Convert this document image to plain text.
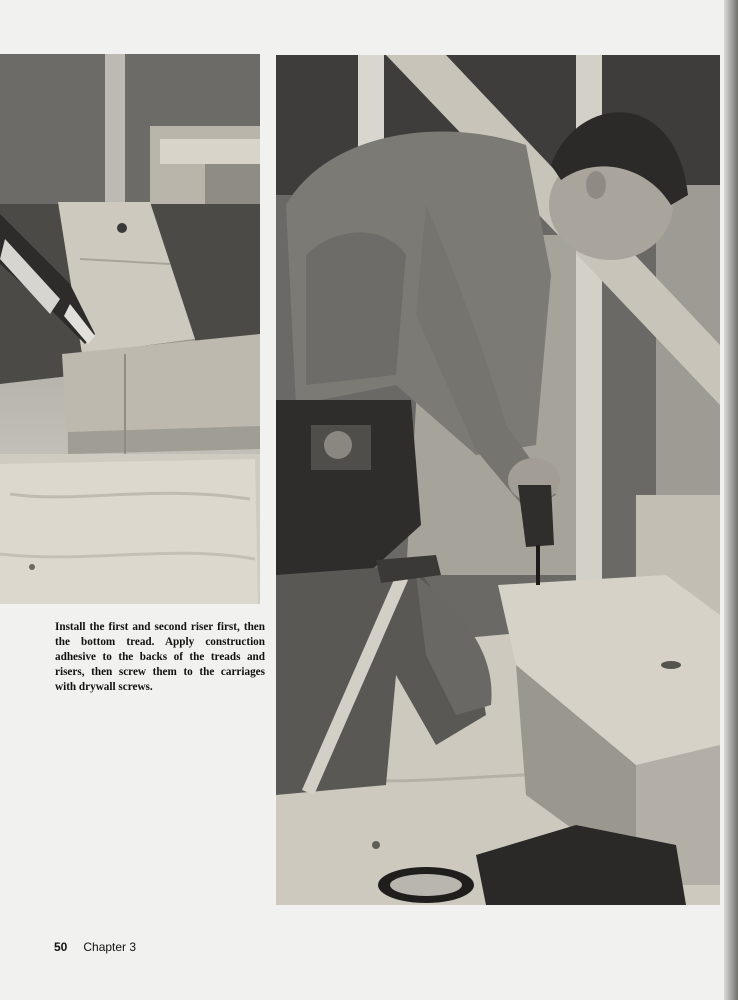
Install the first and second riser first, then the bottom tread. Apply construction adhesive to the backs of the treads and risers, then screw them to the carriages with drywall screws.

50 Chapter 3
